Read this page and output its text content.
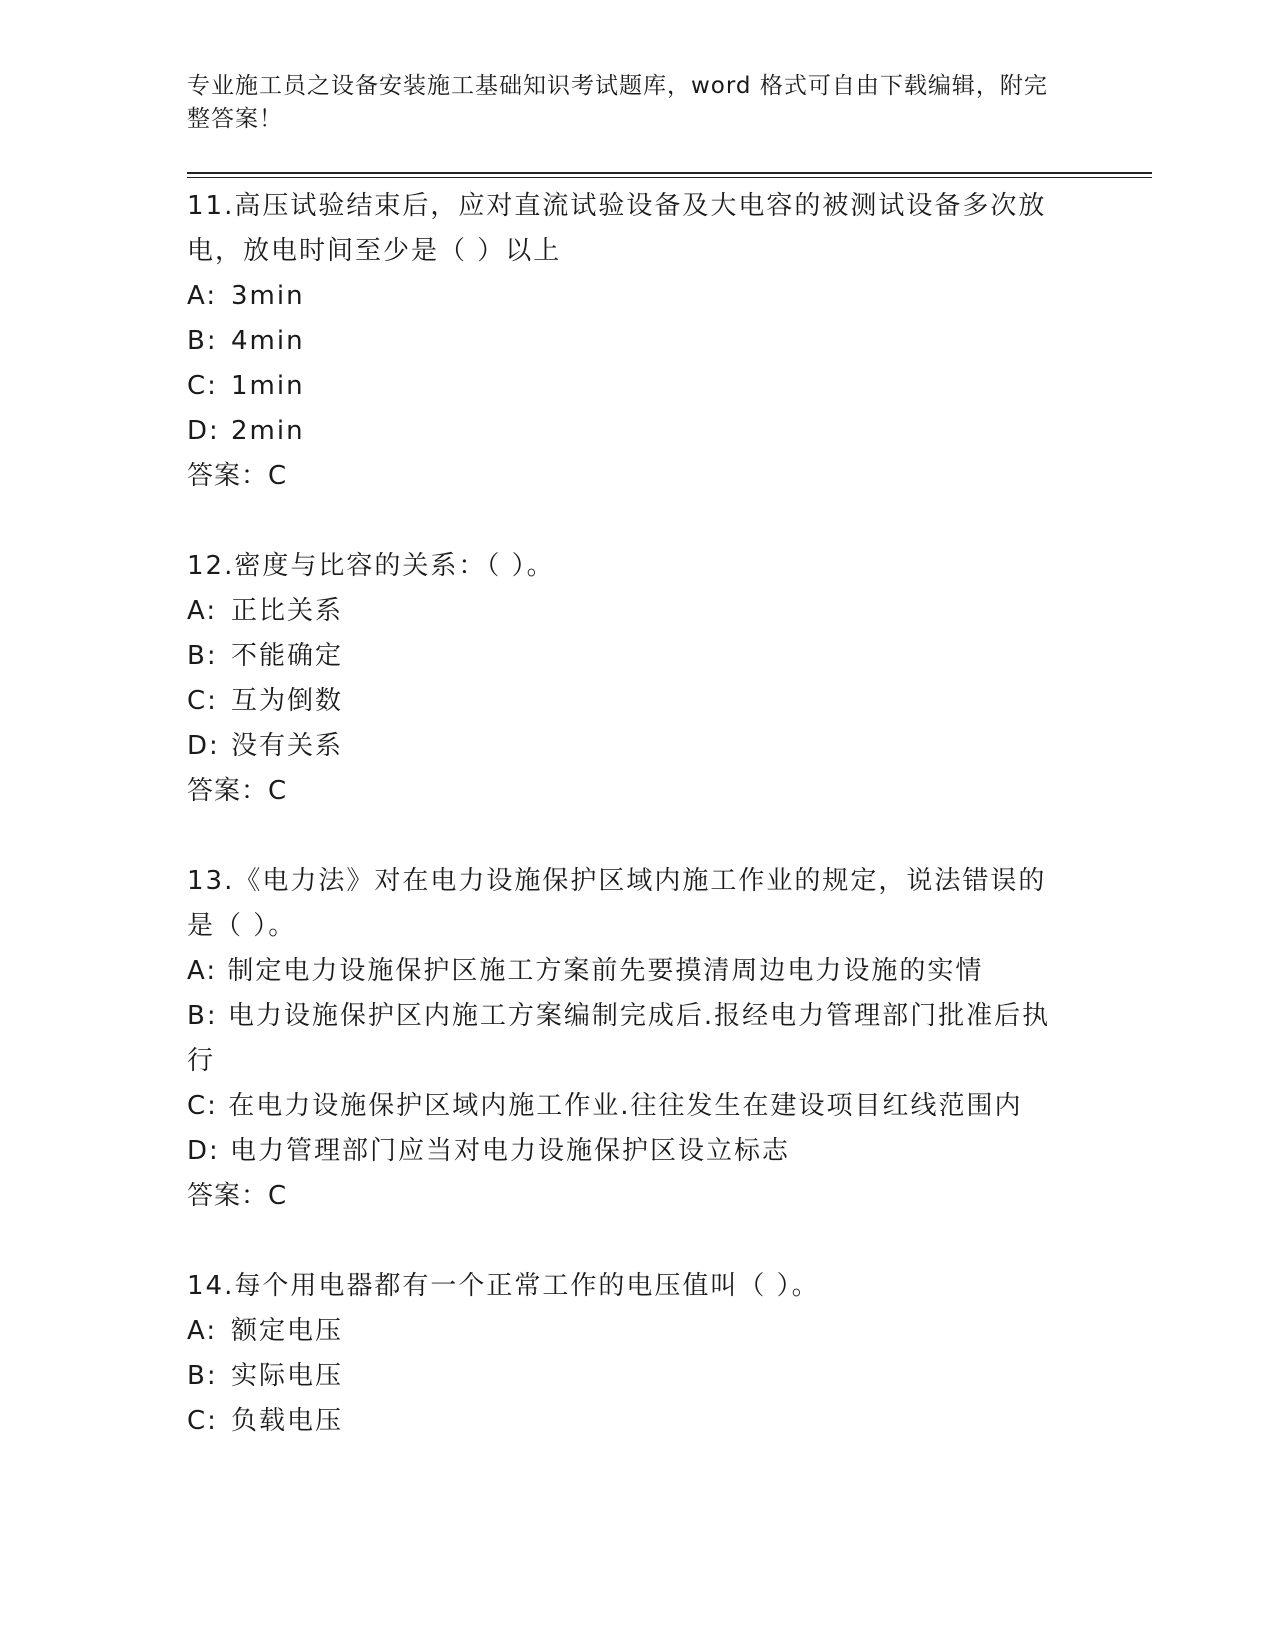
专业施工员之设备安装施工基础知识考试题库，word 格式可自由下载编辑，附完整答案！

11.高压试验结束后，应对直流试验设备及大电容的被测试设备多次放电，放电时间至少是（ ）以上

A: 3min

B: 4min

C: 1min

D: 2min

答案：C

12.密度与比容的关系：（ ）。

A: 正比关系

B: 不能确定

C: 互为倒数

D: 没有关系

答案：C

13.《电力法》对在电力设施保护区域内施工作业的规定，说法错误的是（ ）。

A: 制定电力设施保护区施工方案前先要摸清周边电力设施的实情

B: 电力设施保护区内施工方案编制完成后.报经电力管理部门批准后执行

C: 在电力设施保护区域内施工作业.往往发生在建设项目红线范围内

D: 电力管理部门应当对电力设施保护区设立标志

答案：C

14.每个用电器都有一个正常工作的电压值叫（ ）。

A: 额定电压

B: 实际电压

C: 负载电压
